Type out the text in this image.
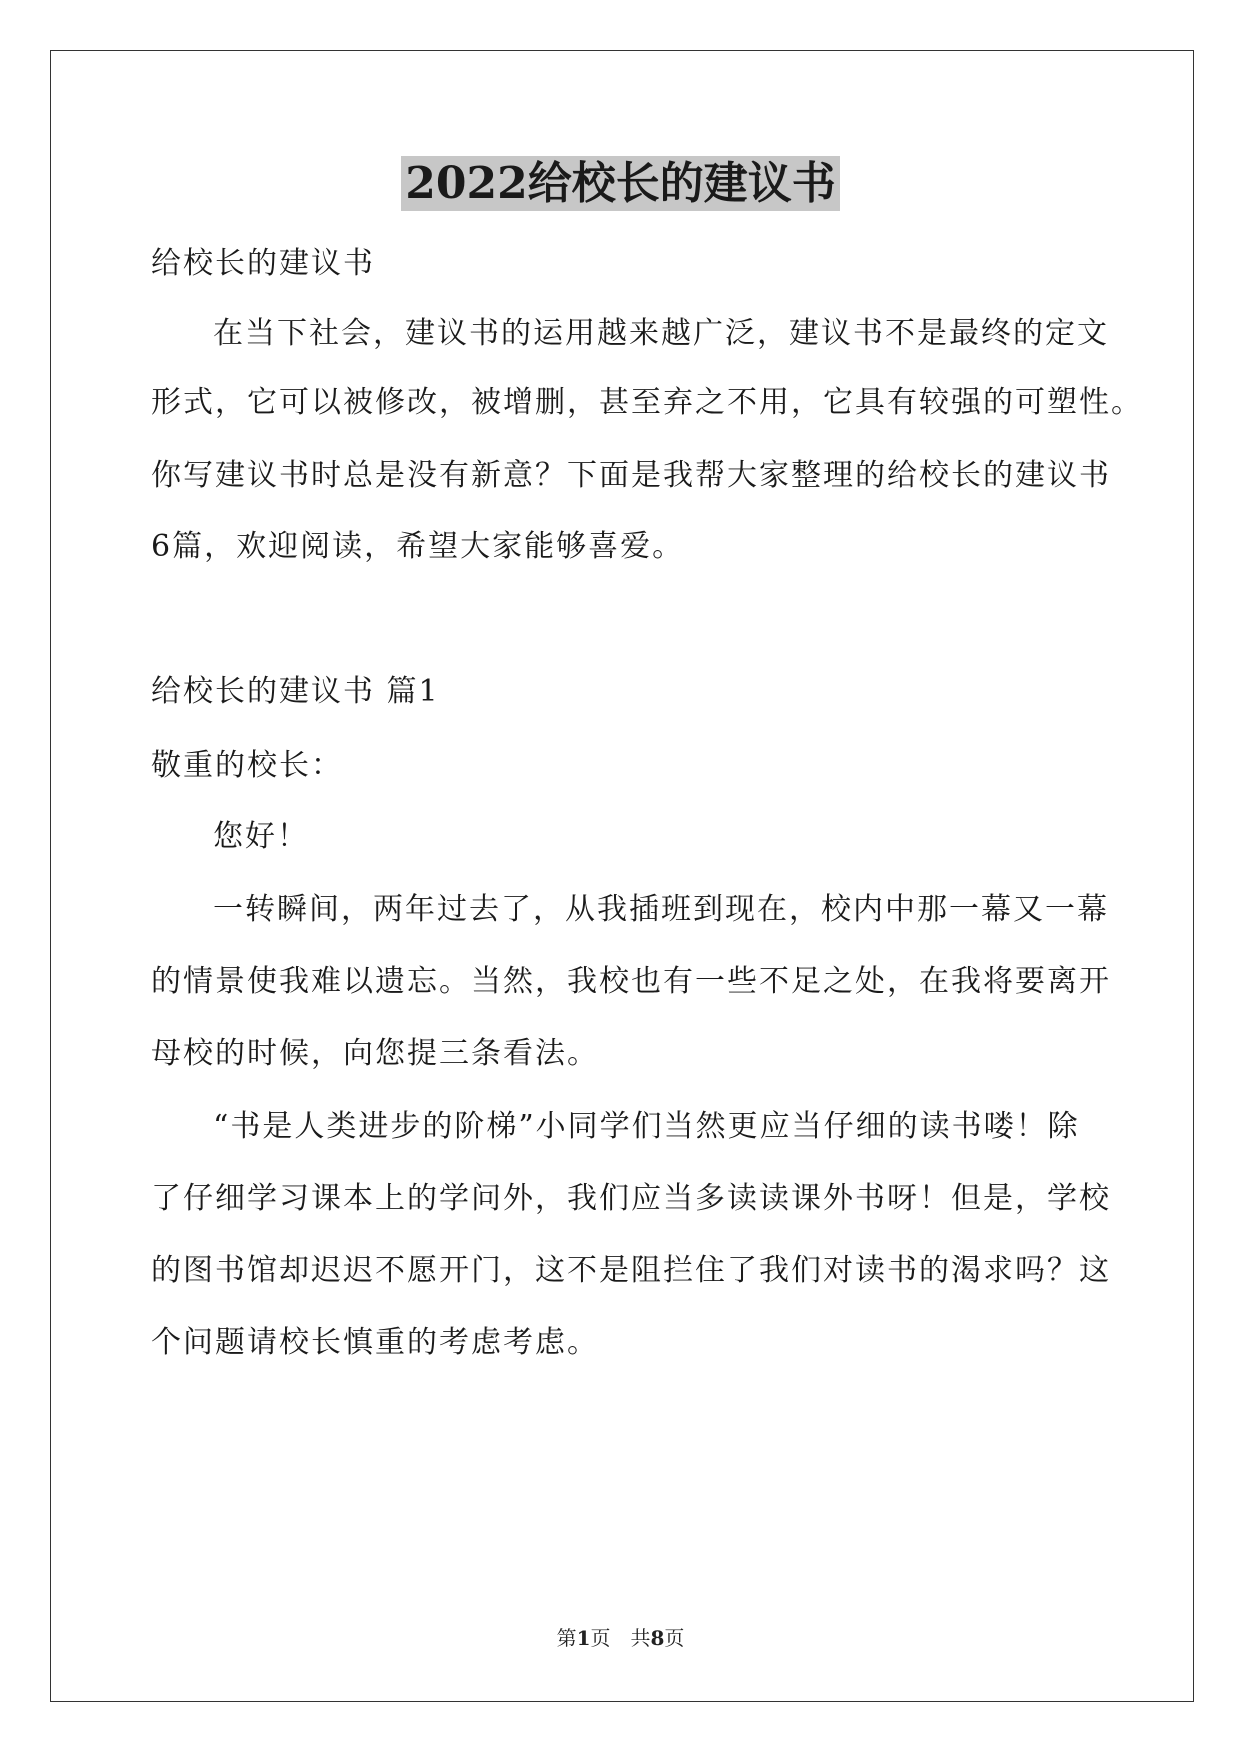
2022给校长的建议书
给校长的建议书
在当下社会，建议书的运用越来越广泛，建议书不是最终的定文
形式，它可以被修改，被增删，甚至弃之不用，它具有较强的可塑性。
你写建议书时总是没有新意？下面是我帮大家整理的给校长的建议书
6篇，欢迎阅读，希望大家能够喜爱。
给校长的建议书 篇1
敬重的校长：
您好！
一转瞬间，两年过去了，从我插班到现在，校内中那一幕又一幕
的情景使我难以遗忘。当然，我校也有一些不足之处，在我将要离开
母校的时候，向您提三条看法。
“书是人类进步的阶梯”小同学们当然更应当仔细的读书喽！除
了仔细学习课本上的学问外，我们应当多读读课外书呀！但是，学校
的图书馆却迟迟不愿开门，这不是阻拦住了我们对读书的渴求吗？这
个问题请校长慎重的考虑考虑。
第1页　共8页
